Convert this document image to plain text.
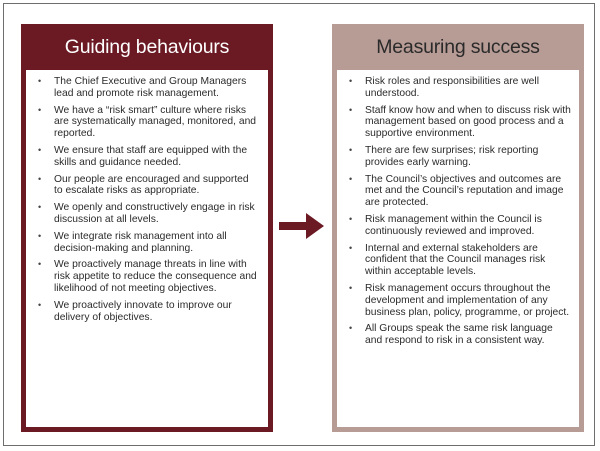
Guiding behaviours
• The Chief Executive and Group Managers lead and promote risk management.
• We have a “risk smart” culture where risks are systematically managed, monitored, and reported.
• We ensure that staff are equipped with the skills and guidance needed.
• Our people are encouraged and supported to escalate risks as appropriate.
• We openly and constructively engage in risk discussion at all levels.
• We integrate risk management into all decision-making and planning.
• We proactively manage threats in line with risk appetite to reduce the consequence and likelihood of not meeting objectives.
• We proactively innovate to improve our delivery of objectives.
Measuring success
• Risk roles and responsibilities are well understood.
• Staff know how and when to discuss risk with management based on good process and a supportive environment.
• There are few surprises; risk reporting provides early warning.
• The Council’s objectives and outcomes are met and the Council’s reputation and image are protected.
• Risk management within the Council is continuously reviewed and improved.
• Internal and external stakeholders are confident that the Council manages risk within acceptable levels.
• Risk management occurs throughout the development and implementation of any business plan, policy, programme, or project.
• All Groups speak the same risk language and respond to risk in a consistent way.
